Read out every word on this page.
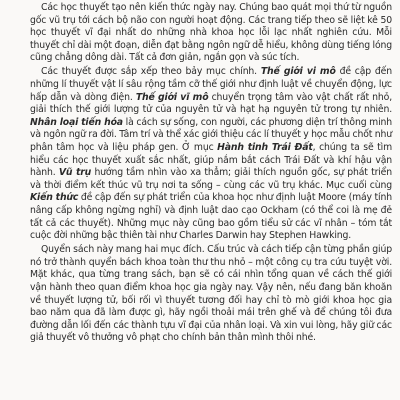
Các học thuyết tạo nên kiến thức ngày nay. Chúng bao quát mọi thứ từ nguồn gốc vũ trụ tới cách bộ não con người hoạt động. Các trang tiếp theo sẽ liệt kê 50 học thuyết vĩ đại nhất do những nhà khoa học lỗi lạc nhất nghiên cứu. Mỗi thuyết chỉ dài một đoạn, diễn đạt bằng ngôn ngữ dễ hiểu, không dùng tiếng lóng cũng chẳng dông dài. Tất cả đơn giản, ngắn gọn và súc tích.

Các thuyết được sắp xếp theo bảy mục chính. Thế giới vi mô đề cập đến những lí thuyết vật lí sâu rộng tầm cỡ thế giới như định luật về chuyển động, lực hấp dẫn và dòng điện. Thế giới vĩ mô chuyển trọng tâm vào vật chất rất nhỏ, giải thích thế giới lượng tử của nguyên tử và hạt hạ nguyên tử trong tự nhiên. Nhân loại tiến hóa là cách sự sống, con người, các phương diện trí thông minh và ngôn ngữ ra đời. Tâm trí và thể xác giới thiệu các lí thuyết y học mẫu chốt như phân tâm học và liệu pháp gen. Ở mục Hành tinh Trái Đất, chúng ta sẽ tìm hiểu các học thuyết xuất sắc nhất, giúp nắm bắt cách Trái Đất và khí hậu vận hành. Vũ trụ hướng tầm nhìn vào xa thẳm; giải thích nguồn gốc, sự phát triển và thời điểm kết thúc vũ trụ nơi ta sống – cùng các vũ trụ khác. Mục cuối cùng Kiến thức đề cập đến sự phát triển của khoa học như định luật Moore (máy tính nâng cấp không ngừng nghỉ) và định luật dao cạo Ockham (có thể coi là mẹ đẻ tất cả các thuyết). Những mục này cũng bao gồm tiểu sử các vĩ nhân – tóm tắt cuộc đời những bậc thiên tài như Charles Darwin hay Stephen Hawking.

Quyển sách này mang hai mục đích. Cấu trúc và cách tiếp cận từng phần giúp nó trở thành quyển bách khoa toàn thư thu nhỏ – một công cụ tra cứu tuyệt vời. Mặt khác, qua từng trang sách, bạn sẽ có cái nhìn tổng quan về cách thế giới vận hành theo quan điểm khoa học gia ngày nay. Vậy nên, nếu đang băn khoăn về thuyết lượng tử, bối rối vì thuyết tương đối hay chỉ tò mò giới khoa học gia bao năm qua đã làm được gì, hãy ngồi thoải mái trên ghế và để chúng tôi đưa đường dẫn lối đến các thành tựu vĩ đại của nhân loại. Và xin vui lòng, hãy giữ các giả thuyết vô thưởng vô phạt cho chính bản thân mình thôi nhé.
